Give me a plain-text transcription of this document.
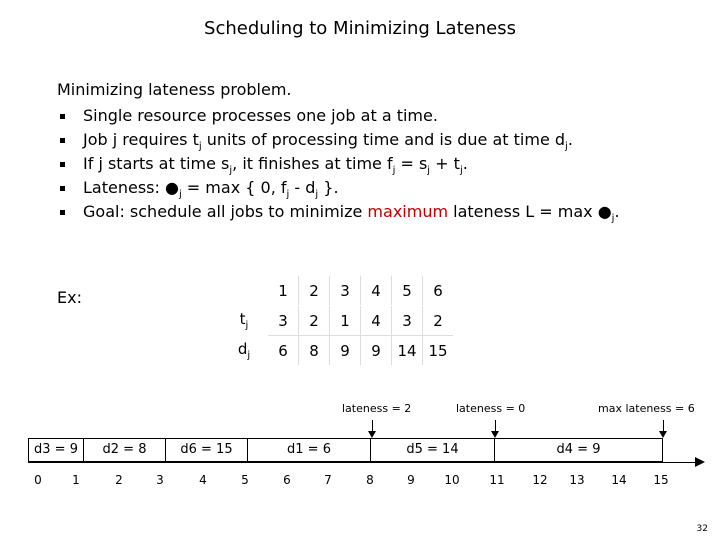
Scheduling to Minimizing Lateness
Minimizing lateness problem.
Single resource processes one job at a time.
Job j requires $t_j$ units of processing time and is due at time $d_j$.
If j starts at time $s_j$, it finishes at time $f_j = s_j + t_j$.
Lateness: $●_j = \max$ { 0, $f_j - d_j$ }.
Goal: schedule all jobs to minimize maximum lateness $L = \max ●_j$.
Ex:
		1	2	3	4	5	6
$t_j$	3	2	1	4	3	2
$d_j$	6	8	9	9	14	15
lateness = 2	lateness = 0	max lateness = 6
d3 = 9	d2 = 8	d6 = 15	d1 = 6	d5 = 14	d4 = 9
0	1	2	3	4	5	6	7	8	9	10	11	12	13	14	15
32
